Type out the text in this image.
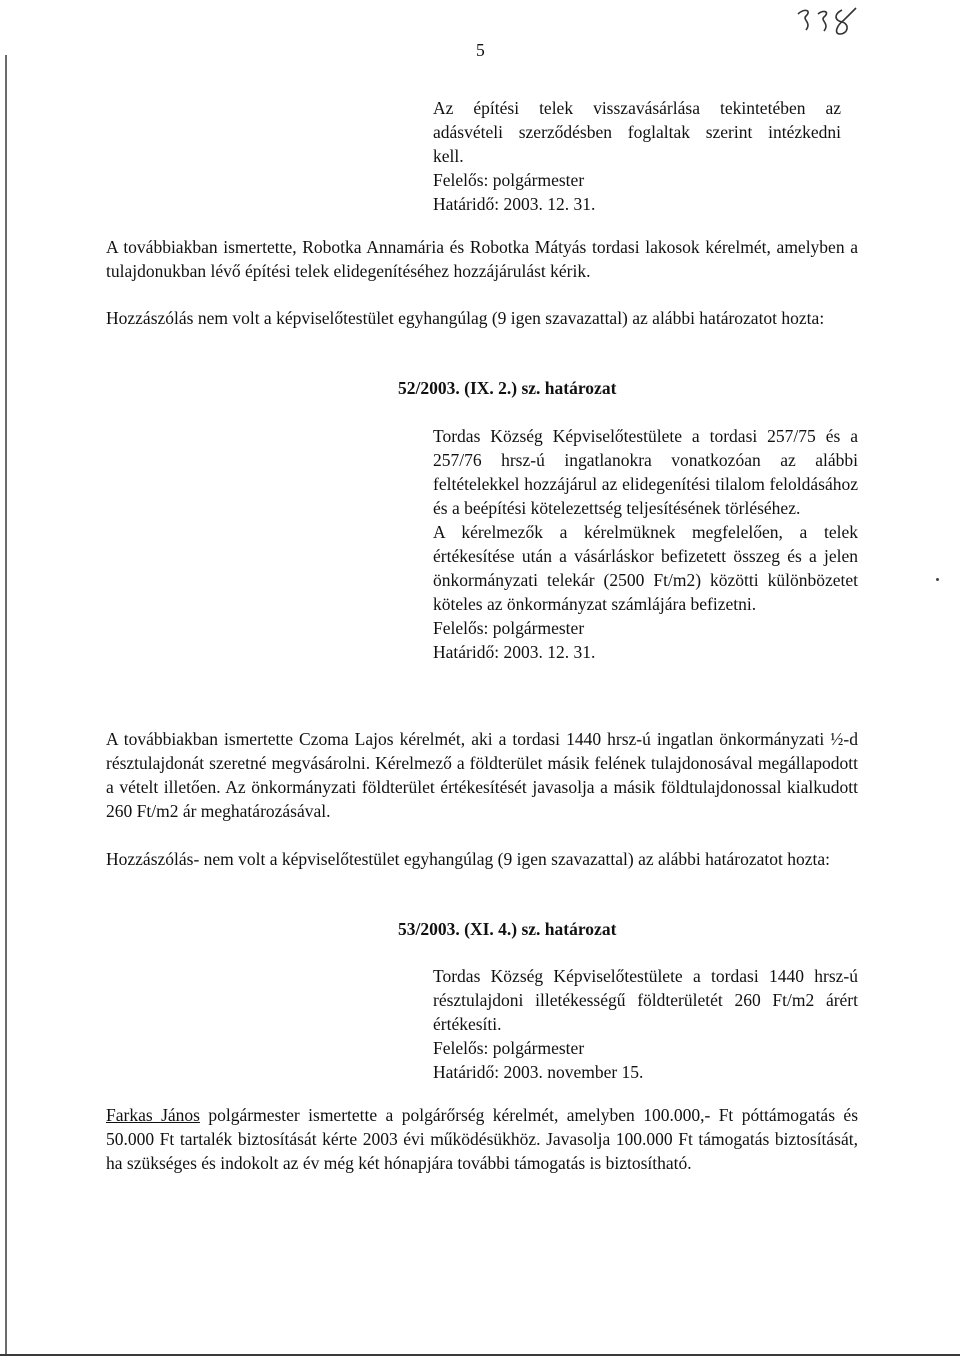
5
Az építési telek visszavásárlása tekintetében az
adásvételi szerződésben foglaltak szerint intézkedni
kell.
Felelős: polgármester
Határidő: 2003. 12. 31.
A továbbiakban ismertette, Robotka Annamária és Robotka Mátyás tordasi lakosok kérelmét, amelyben a tulajdonukban lévő építési telek elidegenítéséhez hozzájárulást kérik.
Hozzászólás nem volt a képviselőtestület egyhangúlag (9 igen szavazattal) az alábbi határozatot hozta:
52/2003. (IX. 2.) sz. határozat
Tordas Község Képviselőtestülete a tordasi 257/75 és a 257/76 hrsz-ú ingatlanokra vonatkozóan az alábbi feltételekkel hozzájárul az elidegenítési tilalom feloldásához és a beépítési kötelezettség teljesítésének törléséhez.
A kérelmezők a kérelmüknek megfelelően, a telek értékesítése után a vásárláskor befizetett összeg és a jelen önkormányzati telekár (2500 Ft/m2) közötti különbözetet köteles az önkormányzat számlájára befizetni.
Felelős: polgármester
Határidő: 2003. 12. 31.
A továbbiakban ismertette Czoma Lajos kérelmét, aki a tordasi 1440 hrsz-ú ingatlan önkormányzati ½-d résztulajdonát szeretné megvásárolni. Kérelmező a földterület másik felének tulajdonosával megállapodott a vételt illetően. Az önkormányzati földterület értékesítését javasolja a másik földtulajdonossal kialkudott 260 Ft/m2 ár meghatározásával.
Hozzászólás- nem volt a képviselőtestület egyhangúlag (9 igen szavazattal) az alábbi határozatot hozta:
53/2003. (XI. 4.) sz. határozat
Tordas Község Képviselőtestülete a tordasi 1440 hrsz-ú résztulajdoni illetékességű földterületét 260 Ft/m2 árért értékesíti.
Felelős: polgármester
Határidő: 2003. november 15.
Farkas János polgármester ismertette a polgárőrség kérelmét, amelyben 100.000,- Ft póttámogatás és 50.000 Ft tartalék biztosítását kérte 2003 évi működésükhöz. Javasolja 100.000 Ft támogatás biztosítását, ha szükséges és indokolt az év még két hónapjára további támogatás is biztosítható.
